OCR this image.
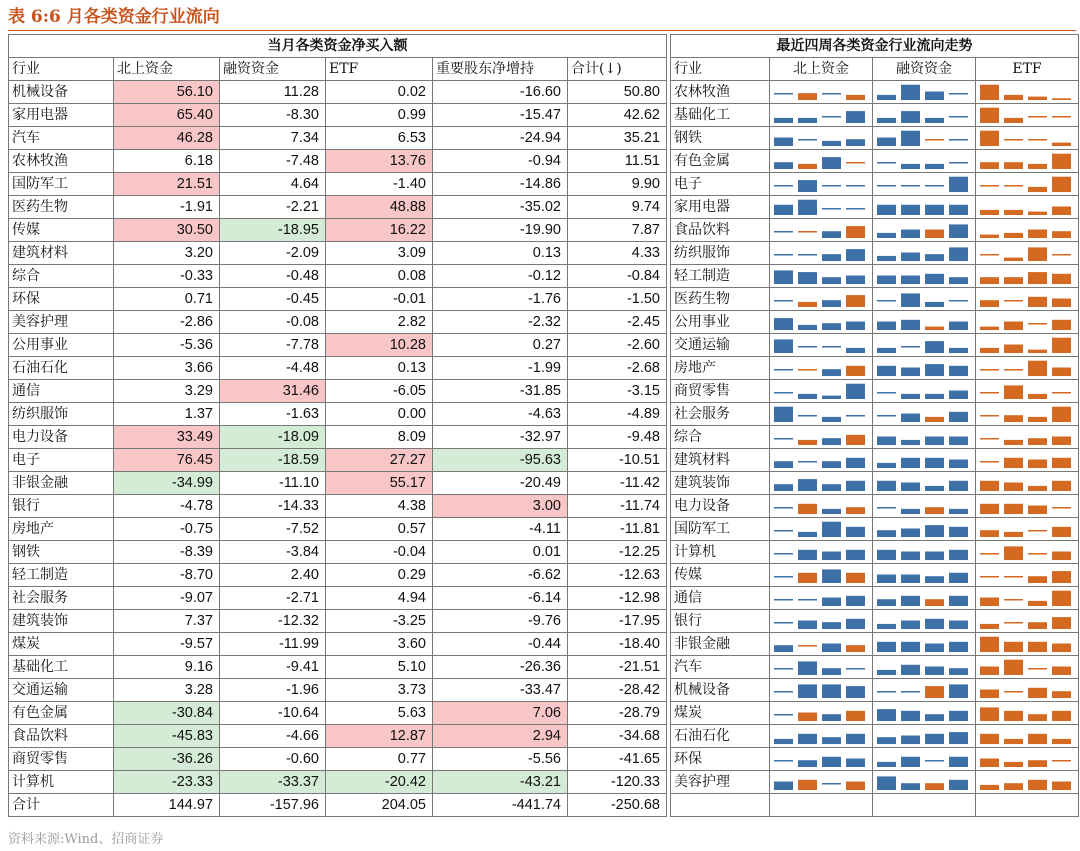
表 6:6 月各类资金行业流向
当月各类资金净买入额					
行业	北上资金	融资资金	ETF	重要股东净增持	合计(↓)
机械设备	56.10	11.28	0.02	-16.60	50.80
家用电器	65.40	-8.30	0.99	-15.47	42.62
汽车	46.28	7.34	6.53	-24.94	35.21
农林牧渔	6.18	-7.48	13.76	-0.94	11.51
国防军工	21.51	4.64	-1.40	-14.86	9.90
医药生物	-1.91	-2.21	48.88	-35.02	9.74
传媒	30.50	-18.95	16.22	-19.90	7.87
建筑材料	3.20	-2.09	3.09	0.13	4.33
综合	-0.33	-0.48	0.08	-0.12	-0.84
环保	0.71	-0.45	-0.01	-1.76	-1.50
美容护理	-2.86	-0.08	2.82	-2.32	-2.45
公用事业	-5.36	-7.78	10.28	0.27	-2.60
石油石化	3.66	-4.48	0.13	-1.99	-2.68
通信	3.29	31.46	-6.05	-31.85	-3.15
纺织服饰	1.37	-1.63	0.00	-4.63	-4.89
电力设备	33.49	-18.09	8.09	-32.97	-9.48
电子	76.45	-18.59	27.27	-95.63	-10.51
非银金融	-34.99	-11.10	55.17	-20.49	-11.42
银行	-4.78	-14.33	4.38	3.00	-11.74
房地产	-0.75	-7.52	0.57	-4.11	-11.81
钢铁	-8.39	-3.84	-0.04	0.01	-12.25
轻工制造	-8.70	2.40	0.29	-6.62	-12.63
社会服务	-9.07	-2.71	4.94	-6.14	-12.98
建筑装饰	7.37	-12.32	-3.25	-9.76	-17.95
煤炭	-9.57	-11.99	3.60	-0.44	-18.40
基础化工	9.16	-9.41	5.10	-26.36	-21.51
交通运输	3.28	-1.96	3.73	-33.47	-28.42
有色金属	-30.84	-10.64	5.63	7.06	-28.79
食品饮料	-45.83	-4.66	12.87	2.94	-34.68
商贸零售	-36.26	-0.60	0.77	-5.56	-41.65
计算机	-23.33	-33.37	-20.42	-43.21	-120.33
合计	144.97	-157.96	204.05	-441.74	-250.68
最近四周各类资金行业流向走势			
行业	北上资金	融资资金	ETF
农林牧渔	

基础化工	

钢铁	

有色金属	

电子	

家用电器	

食品饮料	

纺织服饰	

轻工制造	

医药生物	

公用事业	

交通运输	

房地产	

商贸零售	

社会服务	

综合	

建筑材料	

建筑装饰	

电力设备	

国防军工	

计算机	

传媒	

通信	

银行	

非银金融	

汽车	

机械设备	

煤炭	

石油石化	

环保	

美容护理	

资料来源:Wind、招商证券
